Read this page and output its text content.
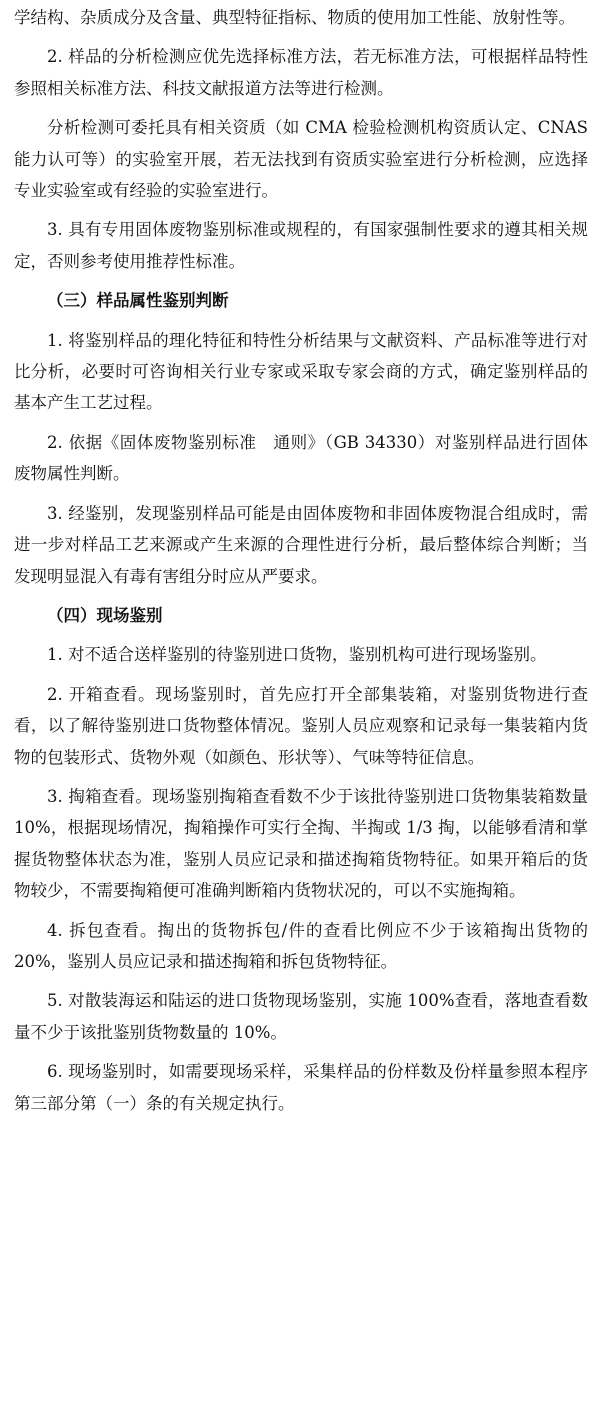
学结构、杂质成分及含量、典型特征指标、物质的使用加工性能、放射性等。

2. 样品的分析检测应优先选择标准方法，若无标准方法，可根据样品特性参照相关标准方法、科技文献报道方法等进行检测。

分析检测可委托具有相关资质（如 CMA 检验检测机构资质认定、CNAS 能力认可等）的实验室开展，若无法找到有资质实验室进行分析检测，应选择专业实验室或有经验的实验室进行。

3. 具有专用固体废物鉴别标准或规程的，有国家强制性要求的遵其相关规定，否则参考使用推荐性标准。

（三）样品属性鉴别判断

1. 将鉴别样品的理化特征和特性分析结果与文献资料、产品标准等进行对比分析，必要时可咨询相关行业专家或采取专家会商的方式，确定鉴别样品的基本产生工艺过程。

2. 依据《固体废物鉴别标准　通则》（GB 34330）对鉴别样品进行固体废物属性判断。

3. 经鉴别，发现鉴别样品可能是由固体废物和非固体废物混合组成时，需进一步对样品工艺来源或产生来源的合理性进行分析，最后整体综合判断；当发现明显混入有毒有害组分时应从严要求。

（四）现场鉴别

1. 对不适合送样鉴别的待鉴别进口货物，鉴别机构可进行现场鉴别。

2. 开箱查看。现场鉴别时，首先应打开全部集装箱，对鉴别货物进行查看，以了解待鉴别进口货物整体情况。鉴别人员应观察和记录每一集装箱内货物的包装形式、货物外观（如颜色、形状等）、气味等特征信息。

3. 掏箱查看。现场鉴别掏箱查看数不少于该批待鉴别进口货物集装箱数量 10%，根据现场情况，掏箱操作可实行全掏、半掏或 1/3 掏，以能够看清和掌握货物整体状态为准，鉴别人员应记录和描述掏箱货物特征。如果开箱后的货物较少，不需要掏箱便可准确判断箱内货物状况的，可以不实施掏箱。

4. 拆包查看。掏出的货物拆包/件的查看比例应不少于该箱掏出货物的 20%，鉴别人员应记录和描述掏箱和拆包货物特征。

5. 对散装海运和陆运的进口货物现场鉴别，实施 100%查看，落地查看数量不少于该批鉴别货物数量的 10%。

6. 现场鉴别时，如需要现场采样，采集样品的份样数及份样量参照本程序第三部分第（一）条的有关规定执行。
